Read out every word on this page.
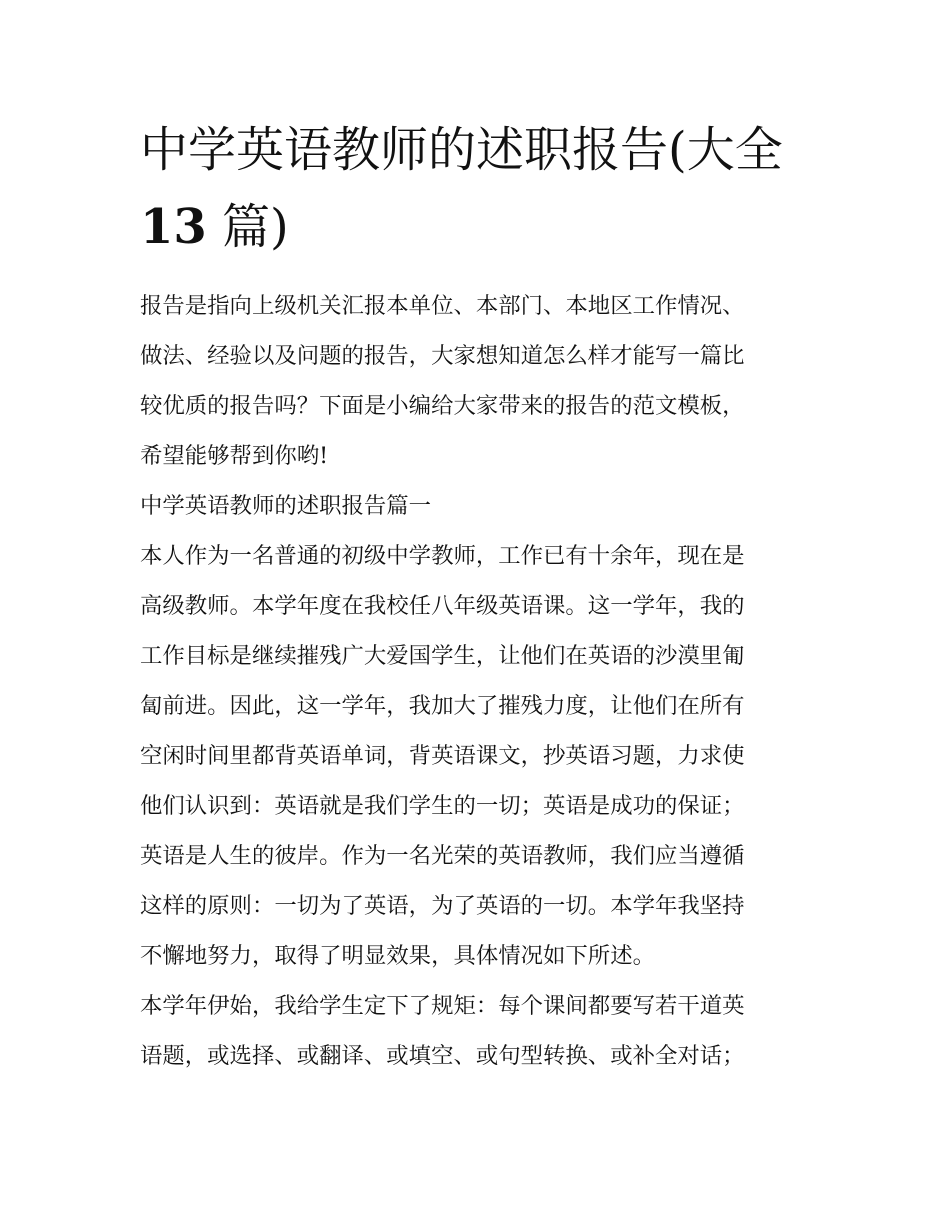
中学英语教师的述职报告(大全
13 篇)

报告是指向上级机关汇报本单位、本部门、本地区工作情况、
做法、经验以及问题的报告，大家想知道怎么样才能写一篇比
较优质的报告吗？下面是小编给大家带来的报告的范文模板，
希望能够帮到你哟!

中学英语教师的述职报告篇一

本人作为一名普通的初级中学教师，工作已有十余年，现在是
高级教师。本学年度在我校任八年级英语课。这一学年，我的
工作目标是继续摧残广大爱国学生，让他们在英语的沙漠里匍
匐前进。因此，这一学年，我加大了摧残力度，让他们在所有
空闲时间里都背英语单词，背英语课文，抄英语习题，力求使
他们认识到：英语就是我们学生的一切；英语是成功的保证；
英语是人生的彼岸。作为一名光荣的英语教师，我们应当遵循
这样的原则：一切为了英语，为了英语的一切。本学年我坚持
不懈地努力，取得了明显效果，具体情况如下所述。

本学年伊始，我给学生定下了规矩：每个课间都要写若干道英
语题，或选择、或翻译、或填空、或句型转换、或补全对话；
